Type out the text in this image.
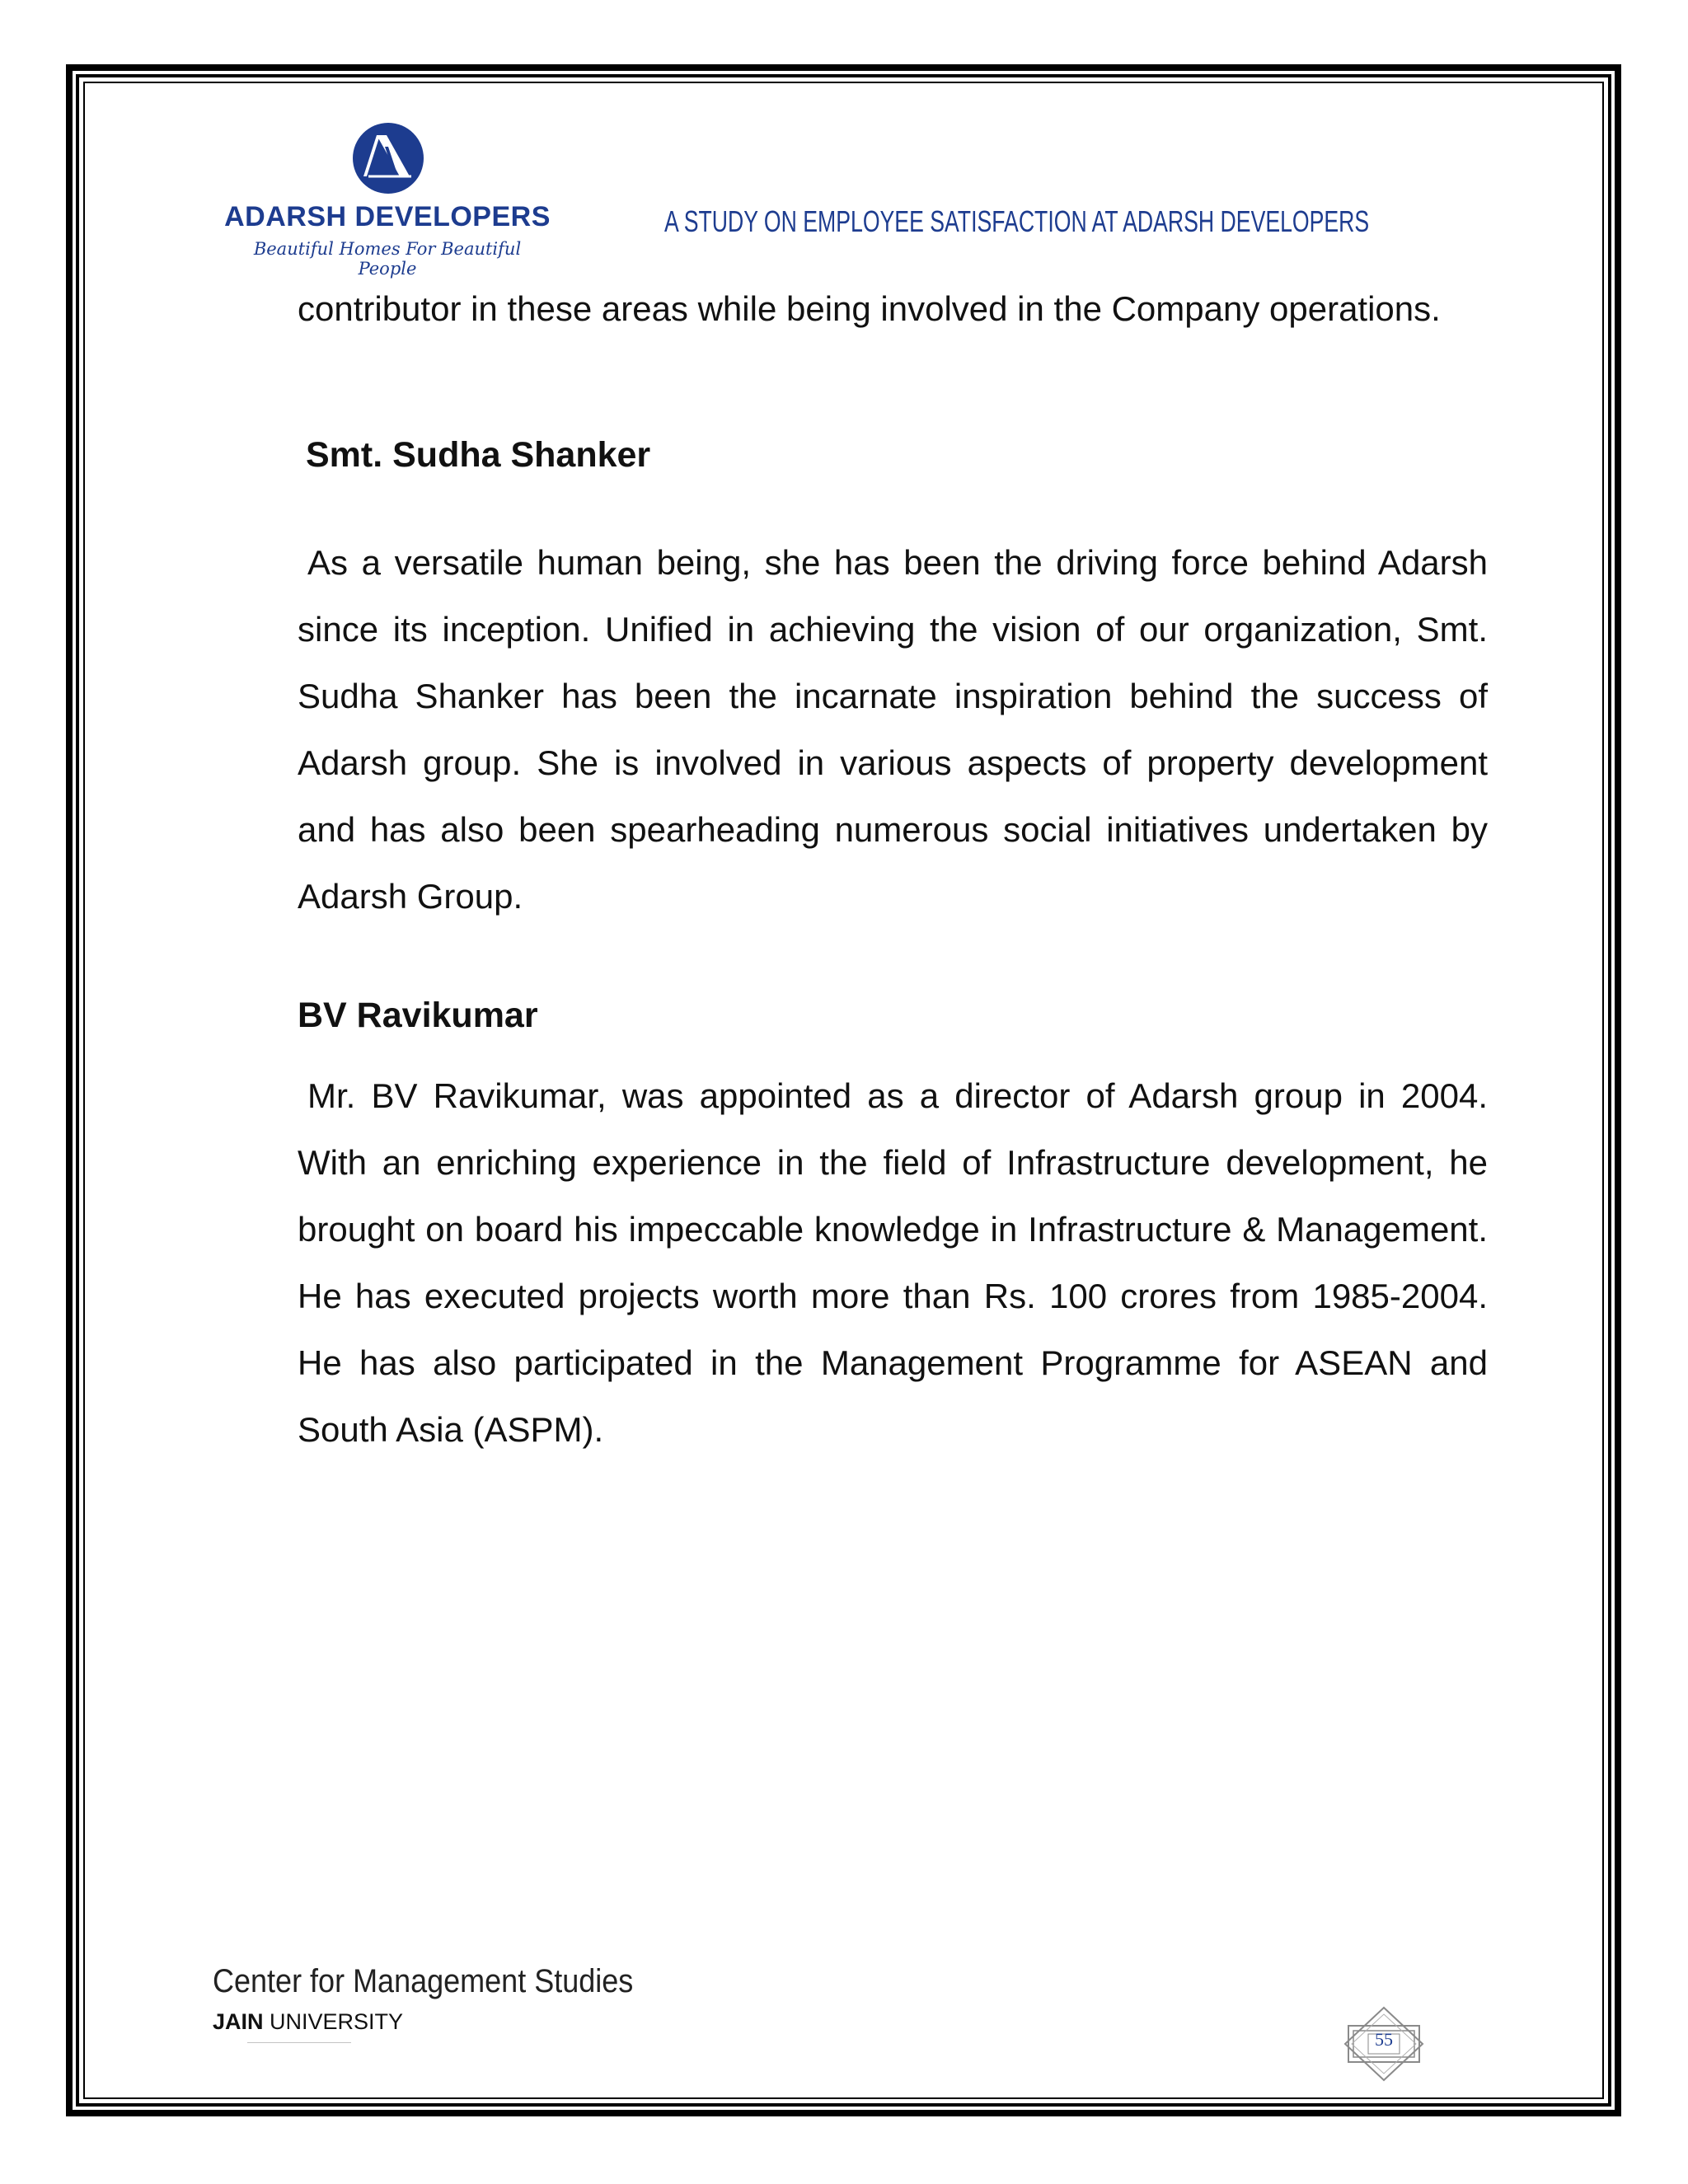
ADARSH DEVELOPERS
Beautiful Homes For Beautiful People
A STUDY ON EMPLOYEE SATISFACTION AT ADARSH DEVELOPERS

contributor in these areas while being involved in the Company operations.

Smt. Sudha Shanker

As a versatile human being, she has been the driving force behind Adarsh since its inception. Unified in achieving the vision of our organization, Smt. Sudha Shanker has been the incarnate inspiration behind the success of Adarsh group. She is involved in various aspects of property development and has also been spearheading numerous social initiatives undertaken by Adarsh Group.

BV Ravikumar

Mr. BV Ravikumar, was appointed as a director of Adarsh group in 2004. With an enriching experience in the field of Infrastructure development, he brought on board his impeccable knowledge in Infrastructure & Management. He has executed projects worth more than Rs. 100 crores from 1985-2004. He has also participated in the Management Programme for ASEAN and South Asia (ASPM).

Center for Management Studies
JAIN UNIVERSITY
—————————————————————	55
